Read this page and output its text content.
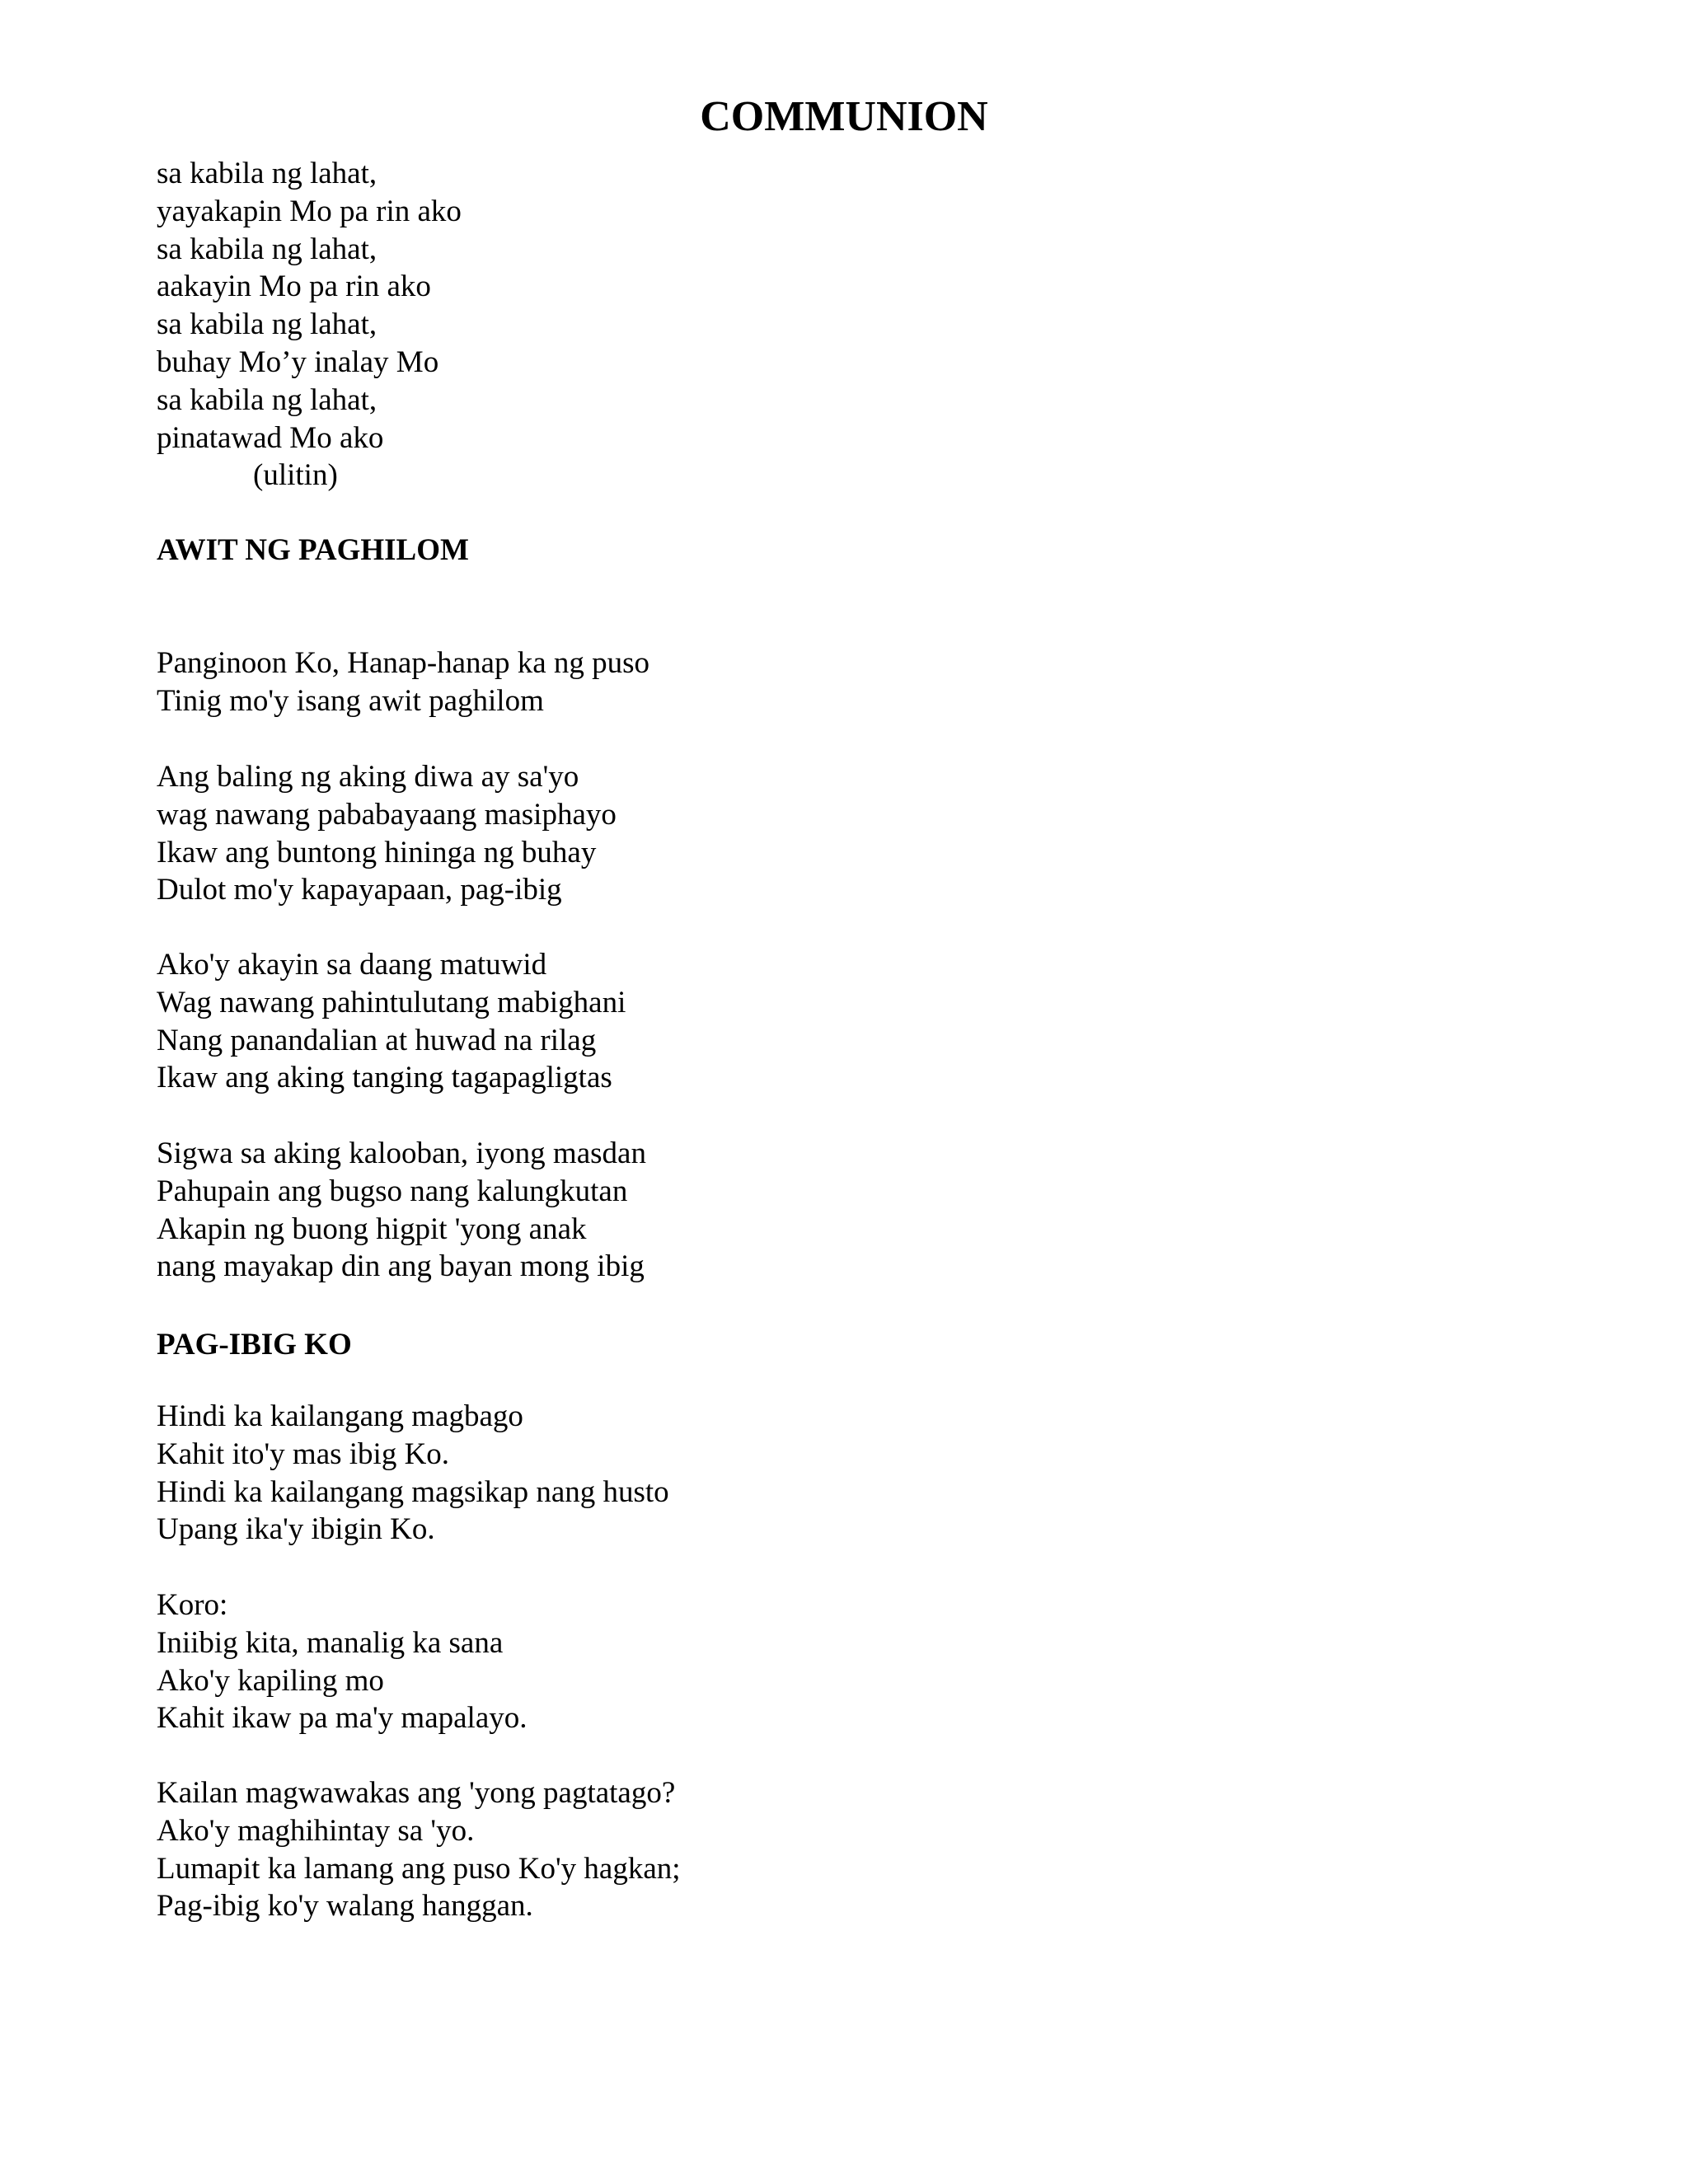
COMMUNION
sa kabila ng lahat,
yayakapin Mo pa rin ako
sa kabila ng lahat,
aakayin Mo pa rin ako
sa kabila ng lahat,
buhay Mo’y inalay Mo
sa kabila ng lahat,
pinatawad Mo ako
(ulitin)
AWIT NG PAGHILOM
Panginoon Ko, Hanap-hanap ka ng puso
Tinig mo'y isang awit paghilom
Ang baling ng aking diwa ay sa'yo
wag nawang pababayaang masiphayo
Ikaw ang buntong hininga ng buhay
Dulot mo'y kapayapaan, pag-ibig
Ako'y akayin sa daang matuwid
Wag nawang pahintulutang mabighani
Nang panandalian at huwad na rilag
Ikaw ang aking tanging tagapagligtas
Sigwa sa aking kalooban, iyong masdan
Pahupain ang bugso nang kalungkutan
Akapin ng buong higpit 'yong anak
nang mayakap din ang bayan mong ibig
PAG-IBIG KO
Hindi ka kailangang magbago
Kahit ito'y mas ibig Ko.
Hindi ka kailangang magsikap nang husto
Upang ika'y ibigin Ko.
Koro:
Iniibig kita, manalig ka sana
Ako'y kapiling mo
Kahit ikaw pa ma'y mapalayo.
Kailan magwawakas ang 'yong pagtatago?
Ako'y maghihintay sa 'yo.
Lumapit ka lamang ang puso Ko'y hagkan;
Pag-ibig ko'y walang hanggan.
